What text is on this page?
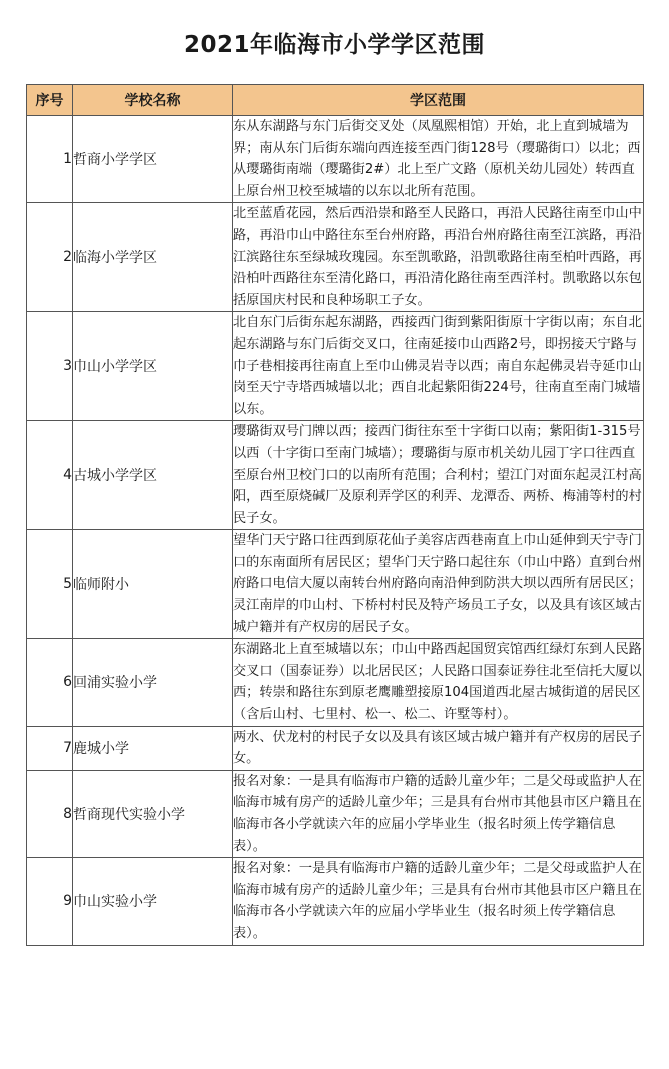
2021年临海市小学学区范围
序号	学校名称	学区范围
1	哲商小学学区	东从东湖路与东门后街交叉处（凤凰熙相馆）开始，北上直到城墙为界；南从东门后街东端向西连接至西门街128号（璎璐街口）以北；西从璎璐街南端（璎璐街2#）北上至广文路（原机关幼儿园处）转西直上原台州卫校至城墙的以东以北所有范围。
2	临海小学学区	北至蓝盾花园，然后西沿崇和路至人民路口，再沿人民路往南至巾山中路，再沿巾山中路往东至台州府路，再沿台州府路往南至江滨路，再沿江滨路往东至绿城玫瑰园。东至凯歌路，沿凯歌路往南至柏叶西路，再沿柏叶西路往东至清化路口，再沿清化路往南至西洋村。凯歌路以东包括原国庆村民和良种场职工子女。
3	巾山小学学区	北自东门后街东起东湖路，西接西门街到紫阳街原十字街以南；东自北起东湖路与东门后街交叉口，往南延接巾山西路2号，即拐接天宁路与巾子巷相接再往南直上至巾山佛灵岩寺以西；南自东起佛灵岩寺延巾山岗至天宁寺塔西城墙以北；西自北起紫阳街224号，往南直至南门城墙以东。
4	古城小学学区	璎璐街双号门牌以西；接西门街往东至十字街口以南；紫阳街1-315号以西（十字街口至南门城墙）；璎璐街与原市机关幼儿园丁字口往西直至原台州卫校门口的以南所有范围；合利村；望江门对面东起灵江村高阳，西至原烧碱厂及原利弄学区的利弄、龙潭岙、两桥、梅浦等村的村民子女。
5	临师附小	望华门天宁路口往西到原花仙子美容店西巷南直上巾山延伸到天宁寺门口的东南面所有居民区；望华门天宁路口起往东（巾山中路）直到台州府路口电信大厦以南转台州府路向南沿伸到防洪大坝以西所有居民区；灵江南岸的巾山村、下桥村村民及特产场员工子女，以及具有该区域古城户籍并有产权房的居民子女。
6	回浦实验小学	东湖路北上直至城墙以东；巾山中路西起国贸宾馆西红绿灯东到人民路交叉口（国泰证券）以北居民区；人民路口国泰证券往北至信托大厦以西；转崇和路往东到原老鹰雕塑接原104国道西北屋古城街道的居民区（含后山村、七里村、松一、松二、许墅等村）。
7	鹿城小学	两水、伏龙村的村民子女以及具有该区域古城户籍并有产权房的居民子女。
8	哲商现代实验小学	报名对象：一是具有临海市户籍的适龄儿童少年；二是父母或监护人在临海市城有房产的适龄儿童少年；三是具有台州市其他县市区户籍且在临海市各小学就读六年的应届小学毕业生（报名时须上传学籍信息表）。
9	巾山实验小学	报名对象：一是具有临海市户籍的适龄儿童少年；二是父母或监护人在临海市城有房产的适龄儿童少年；三是具有台州市其他县市区户籍且在临海市各小学就读六年的应届小学毕业生（报名时须上传学籍信息表）。
